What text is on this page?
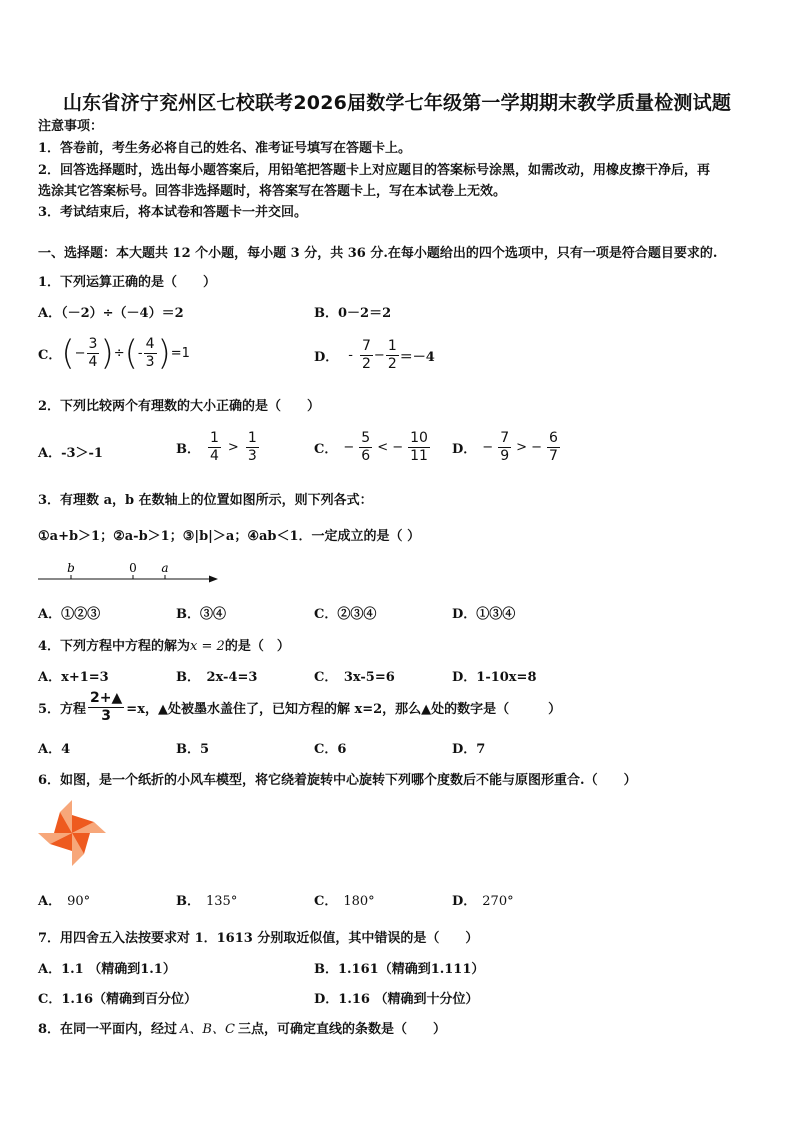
山东省济宁兖州区七校联考2026届数学七年级第一学期期末教学质量检测试题
注意事项：
1．答卷前，考生务必将自己的姓名、准考证号填写在答题卡上。
2．回答选择题时，选出每小题答案后，用铅笔把答题卡上对应题目的答案标号涂黑，如需改动，用橡皮擦干净后，再
选涂其它答案标号。回答非选择题时，将答案写在答题卡上，写在本试卷上无效。
3．考试结束后，将本试卷和答题卡一并交回。
一、选择题：本大题共 12 个小题，每小题 3 分，共 36 分.在每小题给出的四个选项中，只有一项是符合题目要求的.
1．下列运算正确的是（　　）
A．（－2）÷（－4）＝2	B．0－2＝2
C．(− $\frac{3}{4}$ )÷(- $\frac{4}{3} )=1$	D． - $\frac{7}{2} - \frac{1}{2} =-4$
2．下列比较两个有理数的大小正确的是（　　）
A．-3＞-1	B． $\frac{1}{4} > \frac{1}{3}$	C． − $\frac{5}{6}$ < − $\frac{10}{11}$ D． − $\frac{7}{9}$ > − $\frac{6}{7}$
3．有理数 a，b 在数轴上的位置如图所示，则下列各式：
①a+b＞1；②a-b＞1；③|b|＞a；④ab＜1．一定成立的是（ ）
b	0 a
A．①②③	B．③④	C．②③④	D．①③④
4．下列方程中方程的解为x = 2的是（　）
A．x+1=3	B．　2x-4=3	C．　3x-5=6	D．1-10x=8
5．方程 $\frac{2+▲}{3} =x$，▲处被墨水盖住了，已知方程的解 x=2，那么▲处的数字是（　　　）
A．4	B．5	C．6	D．7
6．如图，是一个纸折的小风车模型，将它绕着旋转中心旋转下列哪个度数后不能与原图形重合.（　　）
A． 90°	B． 135°	C． 180°	D． 270°
7．用四舍五入法按要求对 1．1613 分别取近似值，其中错误的是（　　）
A．1.1 （精确到1.1）	B．1.161（精确到1.111）
C．1.16（精确到百分位）	D．1.16 （精确到十分位）
8．在同一平面内，经过 A、B、C 三点，可确定直线的条数是（　　）
